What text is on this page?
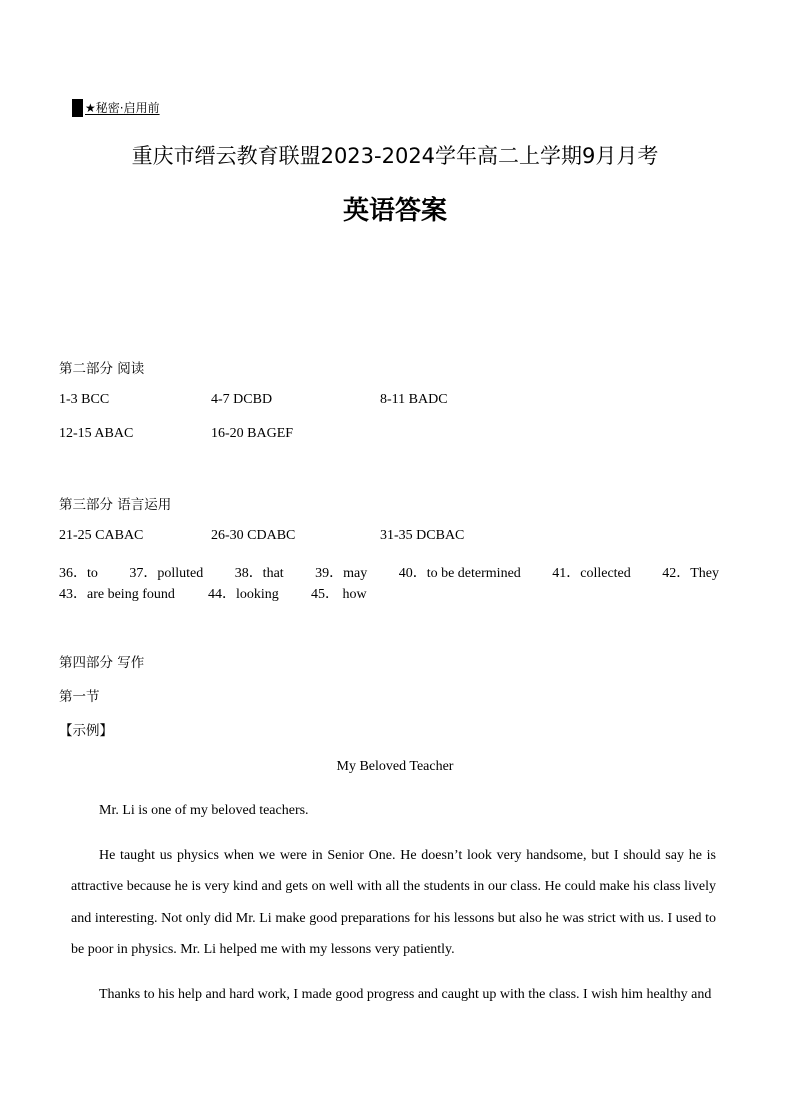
★秘密·启用前
重庆市缙云教育联盟2023-2024学年高二上学期9月月考
英语答案
第二部分 阅读
1-3 BCC	4-7 DCBD	8-11 BADC
12-15 ABAC	16-20 BAGEF
第三部分 语言运用
21-25 CABAC	26-30 CDABC	31-35 DCBAC
36．to 37．polluted 38．that 39．may 40．to be determined 41．collected 42．They
43．are being found 44．looking 45． how
第四部分 写作
第一节
【示例】
My Beloved Teacher
Mr. Li is one of my beloved teachers.
He taught us physics when we were in Senior One. He doesn’t look very handsome, but I should say he is attractive because he is very kind and gets on well with all the students in our class. He could make his class lively and interesting. Not only did Mr. Li make good preparations for his lessons but also he was strict with us. I used to be poor in physics. Mr. Li helped me with my lessons very patiently.
Thanks to his help and hard work, I made good progress and caught up with the class. I wish him healthy and
